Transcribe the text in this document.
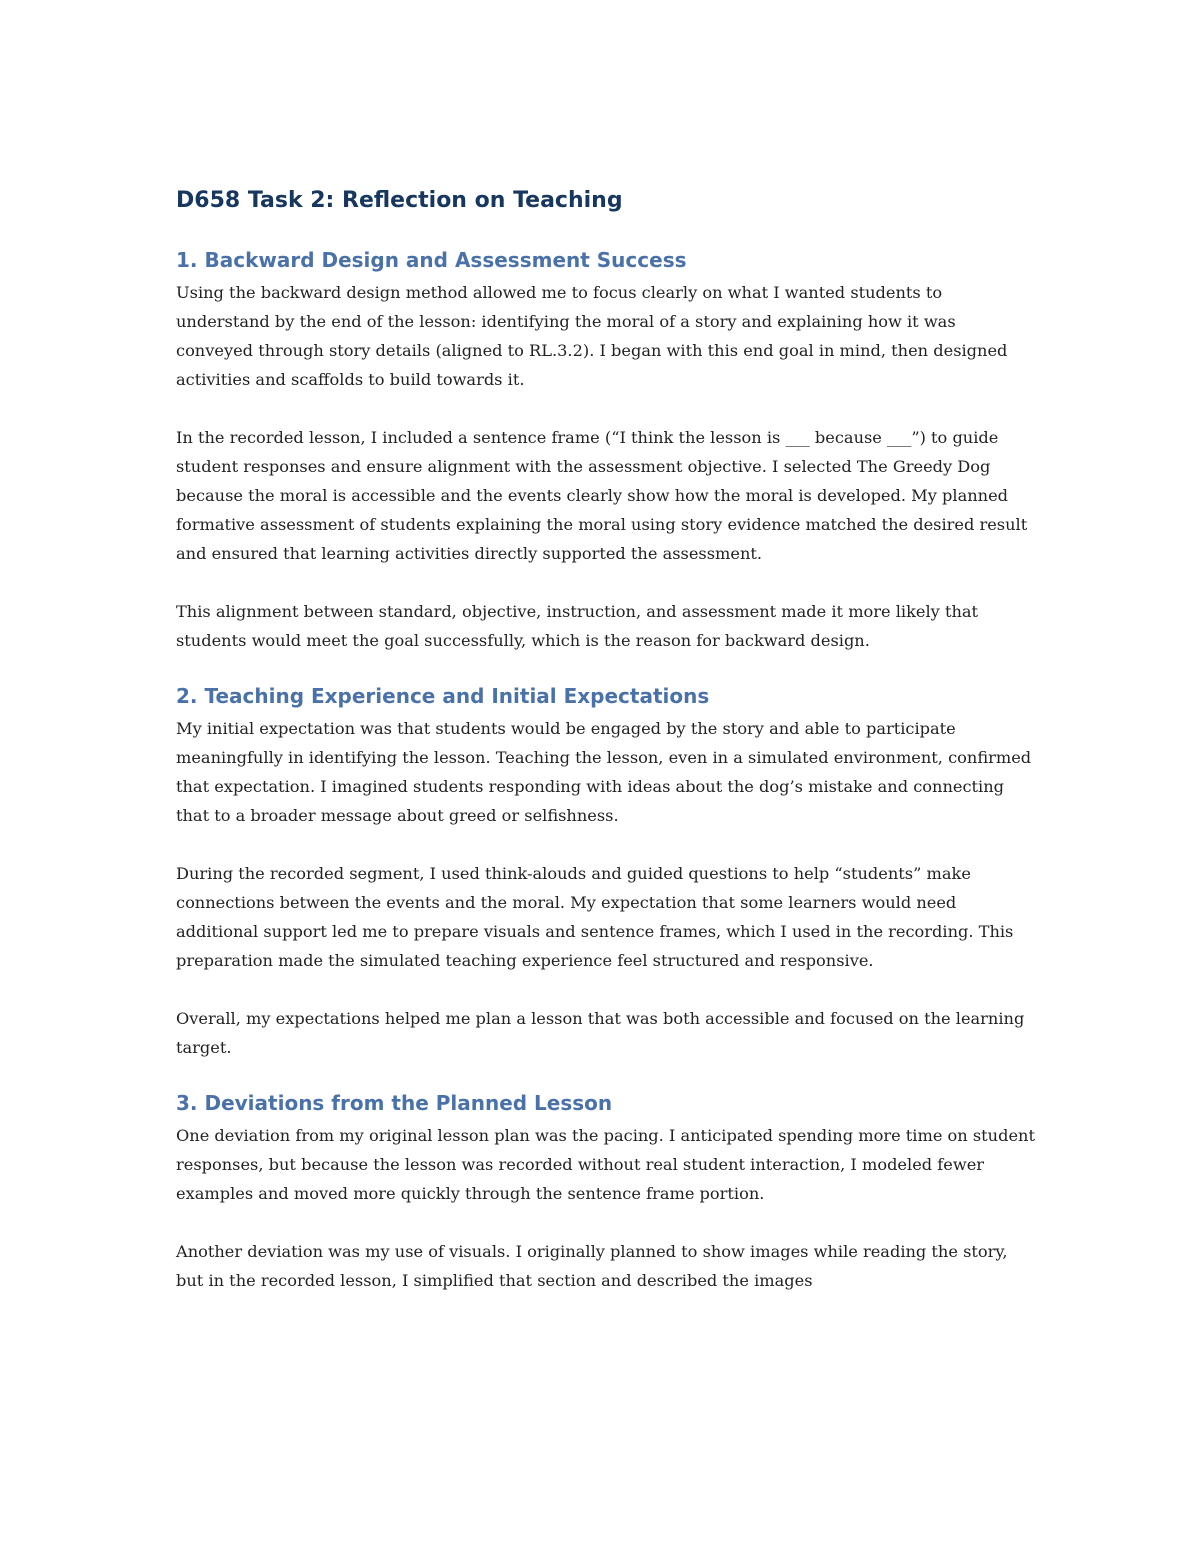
D658 Task 2: Reflection on Teaching
1. Backward Design and Assessment Success

Using the backward design method allowed me to focus clearly on what I wanted students to understand by the end of the lesson: identifying the moral of a story and explaining how it was conveyed through story details (aligned to RL.3.2). I began with this end goal in mind, then designed activities and scaffolds to build towards it.

In the recorded lesson, I included a sentence frame (“I think the lesson is ___ because ___”) to guide student responses and ensure alignment with the assessment objective. I selected The Greedy Dog because the moral is accessible and the events clearly show how the moral is developed. My planned formative assessment of students explaining the moral using story evidence matched the desired result and ensured that learning activities directly supported the assessment.

This alignment between standard, objective, instruction, and assessment made it more likely that students would meet the goal successfully, which is the reason for backward design.

2. Teaching Experience and Initial Expectations

My initial expectation was that students would be engaged by the story and able to participate meaningfully in identifying the lesson. Teaching the lesson, even in a simulated environment, confirmed that expectation. I imagined students responding with ideas about the dog’s mistake and connecting that to a broader message about greed or selfishness.

During the recorded segment, I used think-alouds and guided questions to help “students” make connections between the events and the moral. My expectation that some learners would need additional support led me to prepare visuals and sentence frames, which I used in the recording. This preparation made the simulated teaching experience feel structured and responsive.

Overall, my expectations helped me plan a lesson that was both accessible and focused on the learning target.

3. Deviations from the Planned Lesson

One deviation from my original lesson plan was the pacing. I anticipated spending more time on student responses, but because the lesson was recorded without real student interaction, I modeled fewer examples and moved more quickly through the sentence frame portion.

Another deviation was my use of visuals. I originally planned to show images while reading the story, but in the recorded lesson, I simplified that section and described the images
